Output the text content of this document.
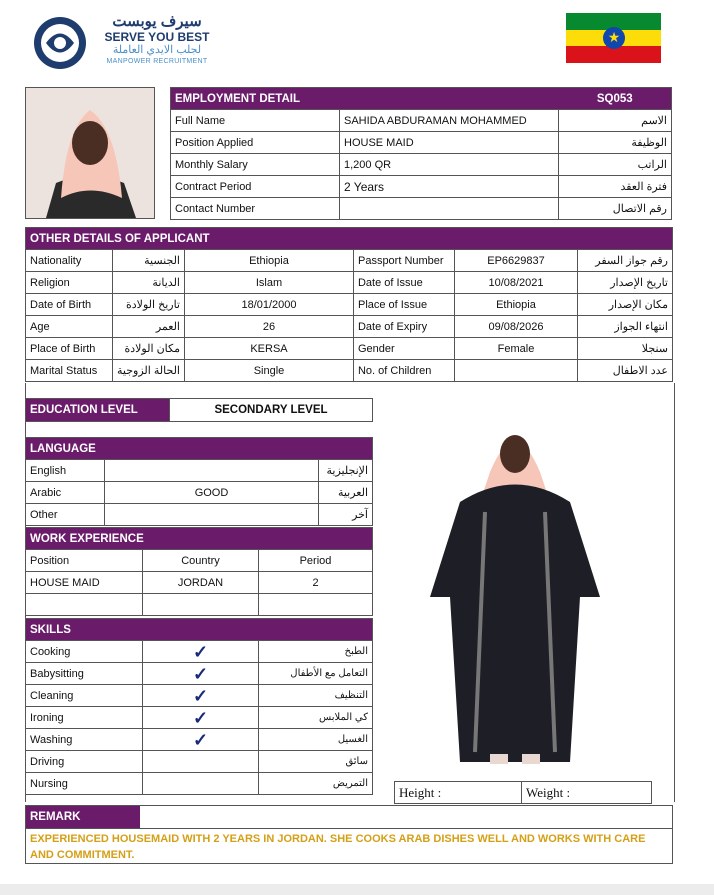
سيرف يوبست
SERVE YOU BEST
لجلب الايدي العاملة
MANPOWER RECRUITMENT
★
EMPLOYMENT DETAIL		SQ053
Full Name	SAHIDA ABDURAMAN MOHAMMED	الاسم
Position Applied	HOUSE MAID	الوظيفة
Monthly Salary	1,200 QR	الراتب
Contract Period	2 Years	فترة العقد
Contact Number		رقم الاتصال
OTHER DETAILS OF APPLICANT					
Nationality	الجنسية	Ethiopia	Passport Number	EP6629837	رقم جواز السفر
Religion	الديانة	Islam	Date of Issue	10/08/2021	تاريخ الإصدار
Date of Birth	تاريخ الولادة	18/01/2000	Place of Issue	Ethiopia	مكان الإصدار
Age	العمر	26	Date of Expiry	09/08/2026	انتهاء الجواز
Place of Birth	مكان الولادة	KERSA	Gender	Female	سنجلا
Marital Status	الحالة الزوجية	Single	No. of Children		عدد الاطفال
EDUCATION LEVEL	SECONDARY LEVEL
LANGUAGE		
English		الإنجليزية
Arabic	GOOD	العربية
Other		آخر
WORK EXPERIENCE		
Position	Country	Period
HOUSE MAID	JORDAN	2

SKILLS		
Cooking	✓	الطبخ
Babysitting	✓	التعامل مع الأطفال
Cleaning	✓	التنظيف
Ironing	✓	كي الملابس
Washing	✓	الغسيل
Driving		سائق
Nursing		التمريض
Height :	Weight :
REMARK
EXPERIENCED HOUSEMAID WITH 2 YEARS IN JORDAN. SHE COOKS ARAB DISHES WELL AND WORKS WITH CARE AND COMMITMENT.
